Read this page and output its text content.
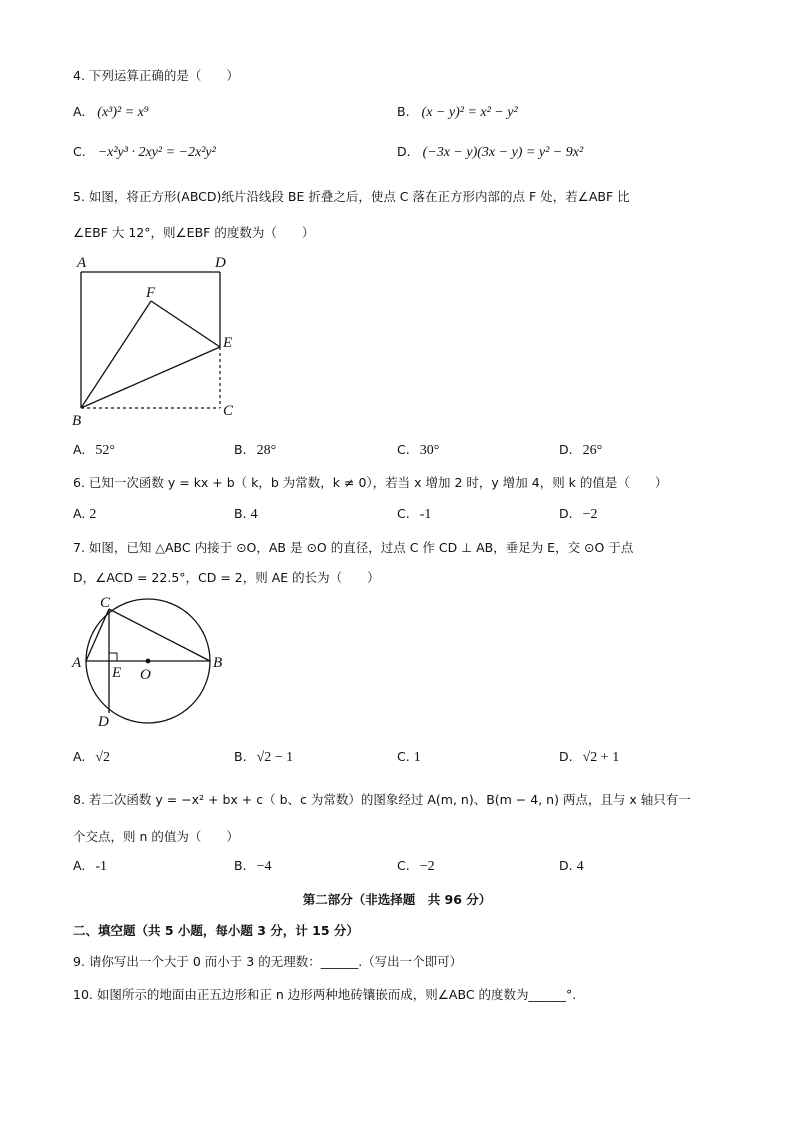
4. 下列运算正确的是（　　）
A. (x³)² = x⁹	B. (x − y)² = x² − y²
C. −x²y³ · 2xy² = −2x²y²	D. (−3x − y)(3x − y) = y² − 9x²
5. 如图，将正方形(ABCD)纸片沿线段 BE 折叠之后，使点 C 落在正方形内部的点 F 处，若∠ABF 比
∠EBF 大 12°，则∠EBF 的度数为（　　）
A	D
F
E
B
C
A. 52°	B. 28°	C. 30°	D. 26°
6. 已知一次函数 y = kx + b（ k，b 为常数，k ≠ 0），若当 x 增加 2 时，y 增加 4，则 k 的值是（　　）
A. 2	B. 4	C. -1	D. −2
7. 如图，已知 △ABC 内接于 ⊙O，AB 是 ⊙O 的直径，过点 C 作 CD ⊥ AB，垂足为 E，交 ⊙O 于点
D，∠ACD = 22.5°，CD = 2，则 AE 的长为（　　）
C
A
E O
B
D
A. √2	B. √2 − 1	C. 1	D. √2 + 1
8. 若二次函数 y = −x² + bx + c（ b、c 为常数）的图象经过 A(m, n)、B(m − 4, n) 两点，且与 x 轴只有一
个交点，则 n 的值为（　　）
A. -1	B. −4	C. −2	D. 4
第二部分（非选择题　共 96 分）
二、填空题（共 5 小题，每小题 3 分，计 15 分）
9. 请你写出一个大于 0 而小于 3 的无理数：______.（写出一个即可）
10. 如图所示的地面由正五边形和正 n 边形两种地砖镶嵌而成，则∠ABC 的度数为______°.
